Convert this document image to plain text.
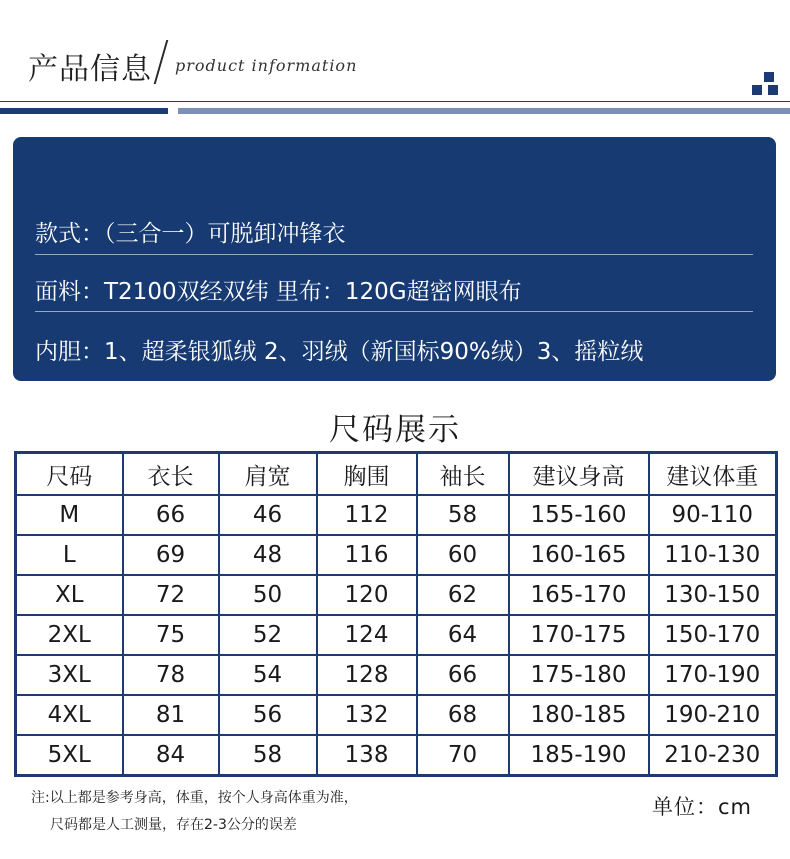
产品信息 product information
款式：（三合一）可脱卸冲锋衣
面料：T2100双经双纬 里布：120G超密网眼布
内胆：1、超柔银狐绒 2、羽绒（新国标90%绒）3、摇粒绒
尺码展示
尺码	衣长	肩宽	胸围	袖长	建议身高	建议体重
M	66	46	112	58	155-160	90-110
L	69	48	116	60	160-165	110-130
XL	72	50	120	62	165-170	130-150
2XL	75	52	124	64	170-175	150-170
3XL	78	54	128	66	175-180	170-190
4XL	81	56	132	68	180-185	190-210
5XL	84	58	138	70	185-190	210-230
注:以上都是参考身高，体重，按个人身高体重为准，
尺码都是人工测量，存在2-3公分的误差
单位：cm
